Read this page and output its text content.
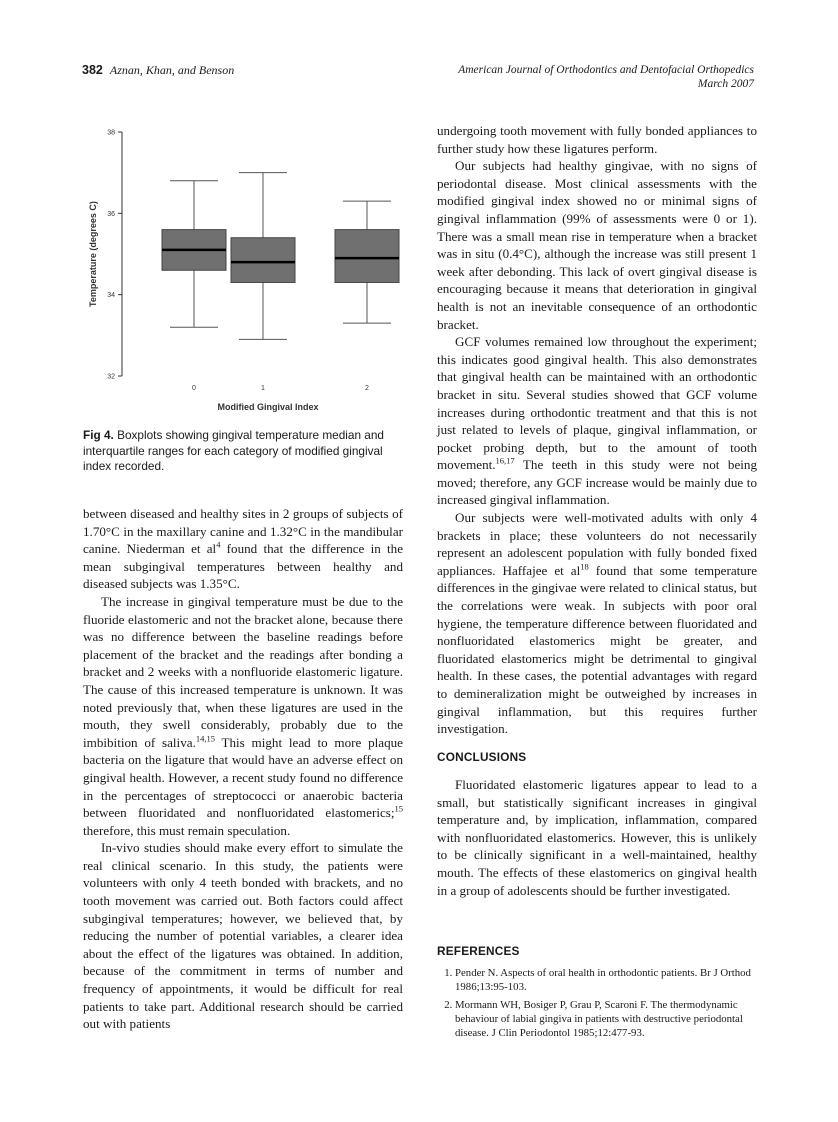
382 Aznan, Khan, and Benson	American Journal of Orthodontics and Dentofacial Orthopedics
March 2007
32
34
36
38
Temperature (degrees C)
0	1	2
Modified Gingival Index
Fig 4. Boxplots showing gingival temperature median and interquartile ranges for each category of modified gingival index recorded.

between diseased and healthy sites in 2 groups of subjects of 1.70°C in the maxillary canine and 1.32°C in the mandibular canine. Niederman et $al^4$ found that the difference in the mean subgingival temperatures between healthy and diseased subjects was 1.35°C.

The increase in gingival temperature must be due to the fluoride elastomeric and not the bracket alone, because there was no difference between the baseline readings before placement of the bracket and the readings after bonding a bracket and 2 weeks with a nonfluoride elastomeric ligature. The cause of this increased temperature is unknown. It was noted previously that, when these ligatures are used in the mouth, they swell considerably, probably due to the imbibition of saliva.$^{14,15}$ This might lead to more plaque bacteria on the ligature that would have an adverse effect on gingival health. However, a recent study found no difference in the percentages of streptococci or anaerobic bacteria between fluoridated and nonfluoridated elastomerics;$^{15}$ therefore, this must remain speculation.

In-vivo studies should make every effort to simulate the real clinical scenario. In this study, the patients were volunteers with only 4 teeth bonded with brackets, and no tooth movement was carried out. Both factors could affect subgingival temperatures; however, we believed that, by reducing the number of potential variables, a clearer idea about the effect of the ligatures was obtained. In addition, because of the commitment in terms of number and frequency of appointments, it would be difficult for real patients to take part. Additional research should be carried out with patients

undergoing tooth movement with fully bonded appliances to further study how these ligatures perform.

Our subjects had healthy gingivae, with no signs of periodontal disease. Most clinical assessments with the modified gingival index showed no or minimal signs of gingival inflammation (99% of assessments were 0 or 1). There was a small mean rise in temperature when a bracket was in situ (0.4°C), although the increase was still present 1 week after debonding. This lack of overt gingival disease is encouraging because it means that deterioration in gingival health is not an inevitable consequence of an orthodontic bracket.

GCF volumes remained low throughout the experiment; this indicates good gingival health. This also demonstrates that gingival health can be maintained with an orthodontic bracket in situ. Several studies showed that GCF volume increases during orthodontic treatment and that this is not just related to levels of plaque, gingival inflammation, or pocket probing depth, but to the amount of tooth movement.$^{16,17}$ The teeth in this study were not being moved; therefore, any GCF increase would be mainly due to increased gingival inflammation.

Our subjects were well-motivated adults with only 4 brackets in place; these volunteers do not necessarily represent an adolescent population with fully bonded fixed appliances. Haffajee et $al^{18}$ found that some temperature differences in the gingivae were related to clinical status, but the correlations were weak. In subjects with poor oral hygiene, the temperature difference between fluoridated and nonfluoridated elastomerics might be greater, and fluoridated elastomerics might be detrimental to gingival health. In these cases, the potential advantages with regard to demineralization might be outweighed by increases in gingival inflammation, but this requires further investigation.

CONCLUSIONS

Fluoridated elastomeric ligatures appear to lead to a small, but statistically significant increases in gingival temperature and, by implication, inflammation, compared with nonfluoridated elastomerics. However, this is unlikely to be clinically significant in a well-maintained, healthy mouth. The effects of these elastomerics on gingival health in a group of adolescents should be further investigated.

REFERENCES
1. Pender N. Aspects of oral health in orthodontic patients. Br J Orthod 1986;13:95-103.
2. Mormann WH, Bosiger P, Grau P, Scaroni F. The thermodynamic behaviour of labial gingiva in patients with destructive periodontal disease. J Clin Periodontol 1985;12:477-93.
